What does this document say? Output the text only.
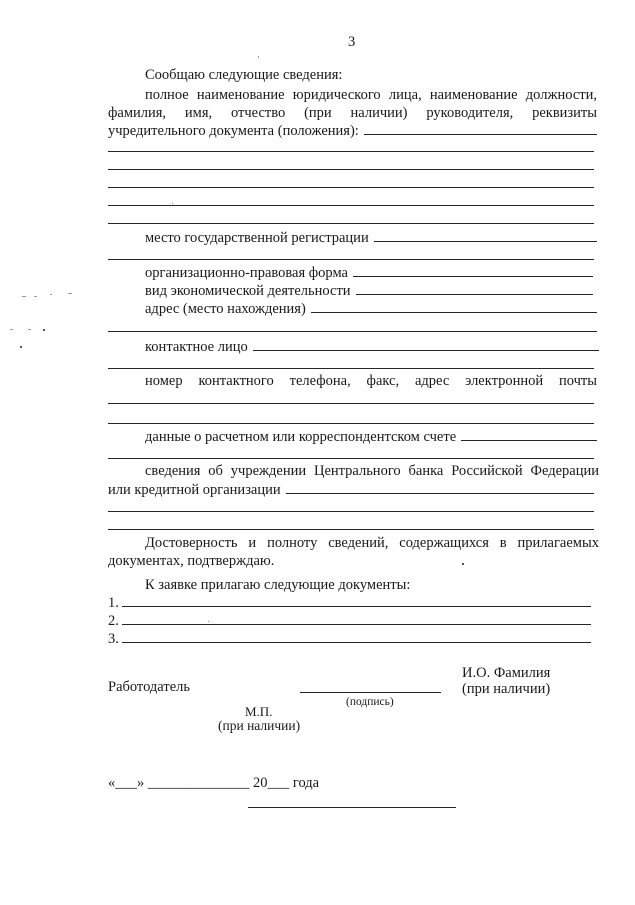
3
Сообщаю следующие сведения:
полное наименование юридического лица, наименование должности,
фамилия, имя, отчество (при наличии) руководителя, реквизиты
учредительного документа (положения):
место государственной регистрации
организационно-правовая форма
вид экономической деятельности
адрес (место нахождения)
контактное лицо
номер контактного телефона, факс, адрес электронной почты
данные о расчетном или корреспондентском счете
сведения об учреждении Центрального банка Российской Федерации
или кредитной организации
Достоверность и полноту сведений, содержащихся в прилагаемых
документах, подтверждаю.
К заявке прилагаю следующие документы:
1.
2.
3.
И.О. Фамилия
(при наличии)
Работодатель
(подпись)
М.П.
(при наличии)
«___» ______________ 20___ года
